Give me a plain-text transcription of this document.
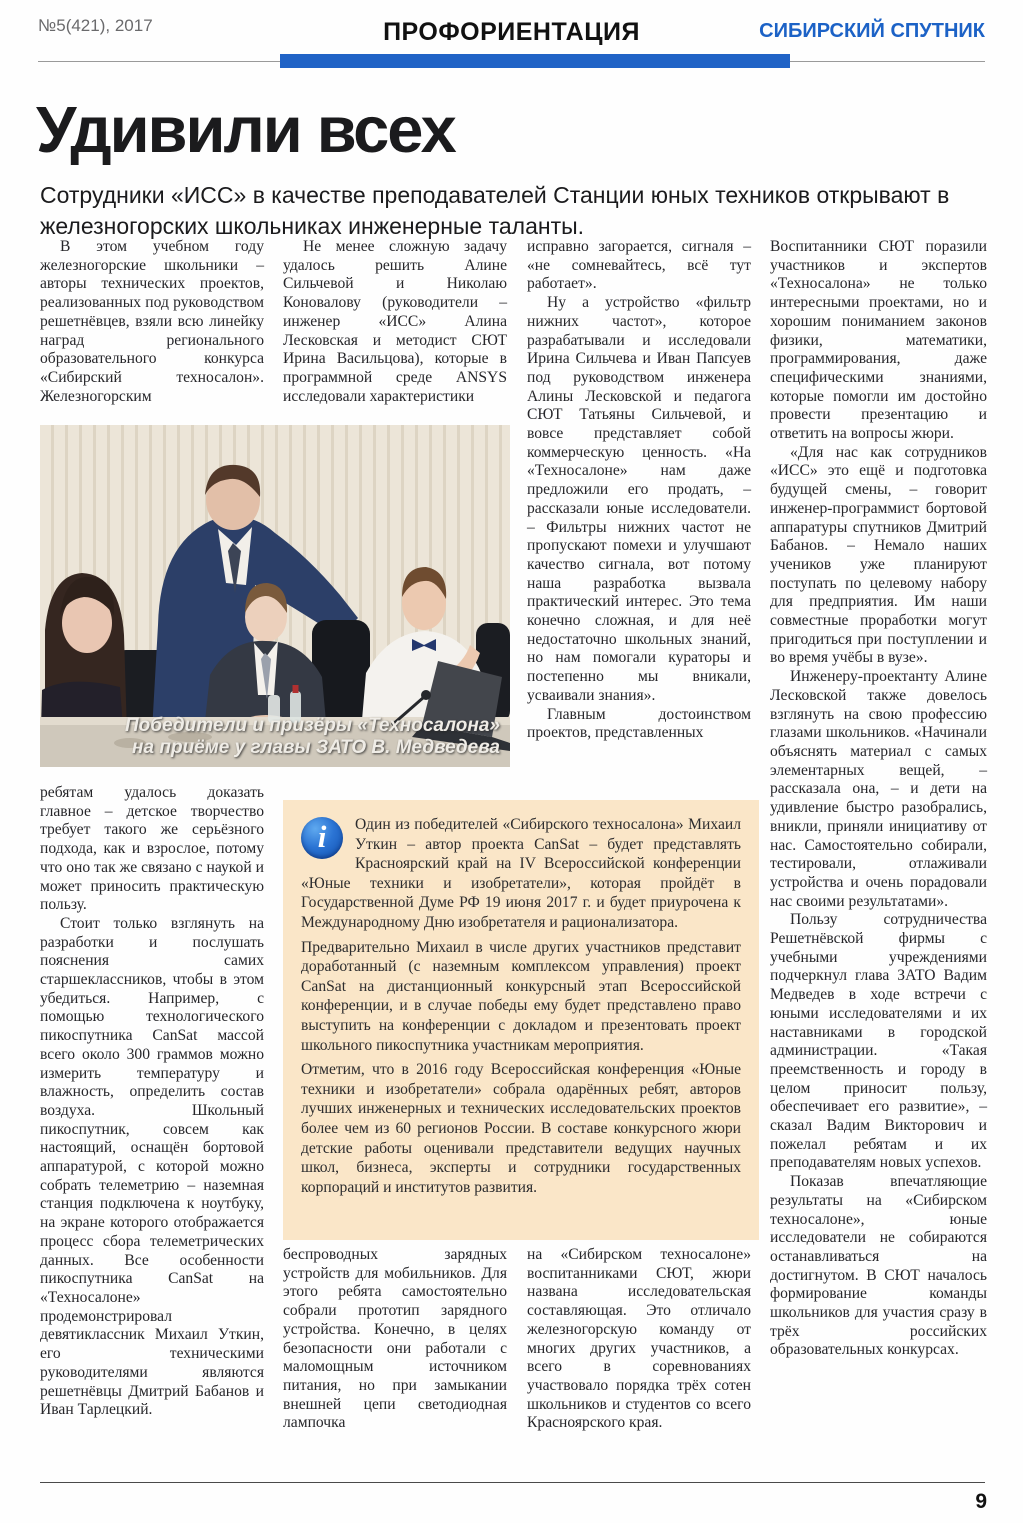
№5(421), 2017	ПРОФОРИЕНТАЦИЯ	СИБИРСКИЙ СПУТНИК
Удивили всех

Сотрудники «ИСС» в качестве преподавателей Станции юных техников открывают в железногорских школьниках инженерные таланты.

В этом учебном году железногорские школьники – авторы технических проектов, реализованных под руководством решетнёвцев, взяли всю линейку наград регионального образовательного конкурса «Сибирский техносалон». Железногорским

ребятам удалось доказать главное – детское творчество требует такого же серьёзного подхода, как и взрослое, потому что оно так же связано с наукой и может приносить практическую пользу.

Стоит только взглянуть на разработки и послушать пояснения самих старшеклассников, чтобы в этом убедиться. Например, с помощью технологического пикоспутника CanSat массой всего около 300 граммов можно измерить температуру и влажность, определить состав воздуха. Школьный пикоспутник, совсем как настоящий, оснащён бортовой аппаратурой, с которой можно собрать телеметрию – наземная станция подключена к ноутбуку, на экране которого отображается процесс сбора телеметрических данных. Все особенности пикоспутника CanSat на «Техносалоне» продемонстрировал девятиклассник Михаил Уткин, его техническими руководителями являются решетнёвцы Дмитрий Бабанов и Иван Тарлецкий.

Не менее сложную задачу удалось решить Алине Сильчевой и Николаю Коновалову (руководители – инженер «ИСС» Алина Лесковская и методист СЮТ Ирина Васильцова), которые в программной среде ANSYS исследовали характеристики

беспроводных зарядных устройств для мобильников. Для этого ребята самостоятельно собрали прототип зарядного устройства. Конечно, в целях безопасности они работали с маломощным источником питания, но при замыкании внешней цепи светодиодная лампочка

исправно загорается, сигналя – «не сомневайтесь, всё тут работает».

Ну а устройство «фильтр нижних частот», которое разрабатывали и исследовали Ирина Сильчева и Иван Папсуев под руководством инженера Алины Лесковской и педагога СЮТ Татьяны Сильчевой, и вовсе представляет собой коммерческую ценность. «На «Техносалоне» нам даже предложили его продать, – рассказали юные исследователи. – Фильтры нижних частот не пропускают помехи и улучшают качество сигнала, вот потому наша разработка вызвала практический интерес. Это тема конечно сложная, и для неё недостаточно школьных знаний, но нам помогали кураторы и постепенно мы вникали, усваивали знания».

Главным достоинством проектов, представленных

на «Сибирском техносалоне» воспитанниками СЮТ, жюри названа исследовательская составляющая. Это отличало железногорскую команду от многих других участников, а всего в соревнованиях участвовало порядка трёх сотен школьников и студентов со всего Красноярского края.

Воспитанники СЮТ поразили участников и экспертов «Техносалона» не только интересными проектами, но и хорошим пониманием законов физики, математики, программирования, даже специфическими знаниями, которые помогли им достойно провести презентацию и ответить на вопросы жюри.

«Для нас как сотрудников «ИСС» это ещё и подготовка будущей смены, – говорит инженер-программист бортовой аппаратуры спутников Дмитрий Бабанов. – Немало наших учеников уже планируют поступать по целевому набору для предприятия. Им наши совместные проработки могут пригодиться при поступлении и во время учёбы в вузе».

Инженеру-проектанту Алине Лесковской также довелось взглянуть на свою профессию глазами школьников. «Начинали объяснять материал с самых элементарных вещей, – рассказала она, – и дети на удивление быстро разобрались, вникли, приняли инициативу от нас. Самостоятельно собирали, тестировали, отлаживали устройства и очень порадовали нас своими результатами».

Пользу сотрудничества Решетнёвской фирмы с учебными учреждениями подчеркнул глава ЗАТО Вадим Медведев в ходе встречи с юными исследователями и их наставниками в городской администрации. «Такая преемственность и городу в целом приносит пользу, обеспечивает его развитие», – сказал Вадим Викторович и пожелал ребятам и их преподавателям новых успехов.

Показав впечатляющие результаты на «Сибирском техносалоне», юные исследователи не собираются останавливаться на достигнутом. В СЮТ началось формирование команды школьников для участия сразу в трёх российских образовательных конкурсах.

Победители и призёры «Техносалона»
на приёме у главы ЗАТО В. Медведева
i	Один из победителей «Сибирского техносалона» Михаил Уткин – автор проекта CanSat – будет представлять Красноярский край на IV Всероссийской конференции «Юные техники и изобретатели», которая пройдёт в Государственной Думе РФ 19 июня 2017 г. и будет приурочена к Международному Дню изобретателя и рационализатора.

Предварительно Михаил в числе других участников представит доработанный (с наземным комплексом управления) проект CanSat на дистанционный конкурсный этап Всероссийской конференции, и в случае победы ему будет представлено право выступить на конференции с докладом и презентовать проект школьного пикоспутника участникам мероприятия.

Отметим, что в 2016 году Всероссийская конференция «Юные техники и изобретатели» собрала одарённых ребят, авторов лучших инженерных и технических исследовательских проектов более чем из 60 регионов России. В составе конкурсного жюри детские работы оценивали представители ведущих научных школ, бизнеса, эксперты и сотрудники государственных корпораций и институтов развития.

9
